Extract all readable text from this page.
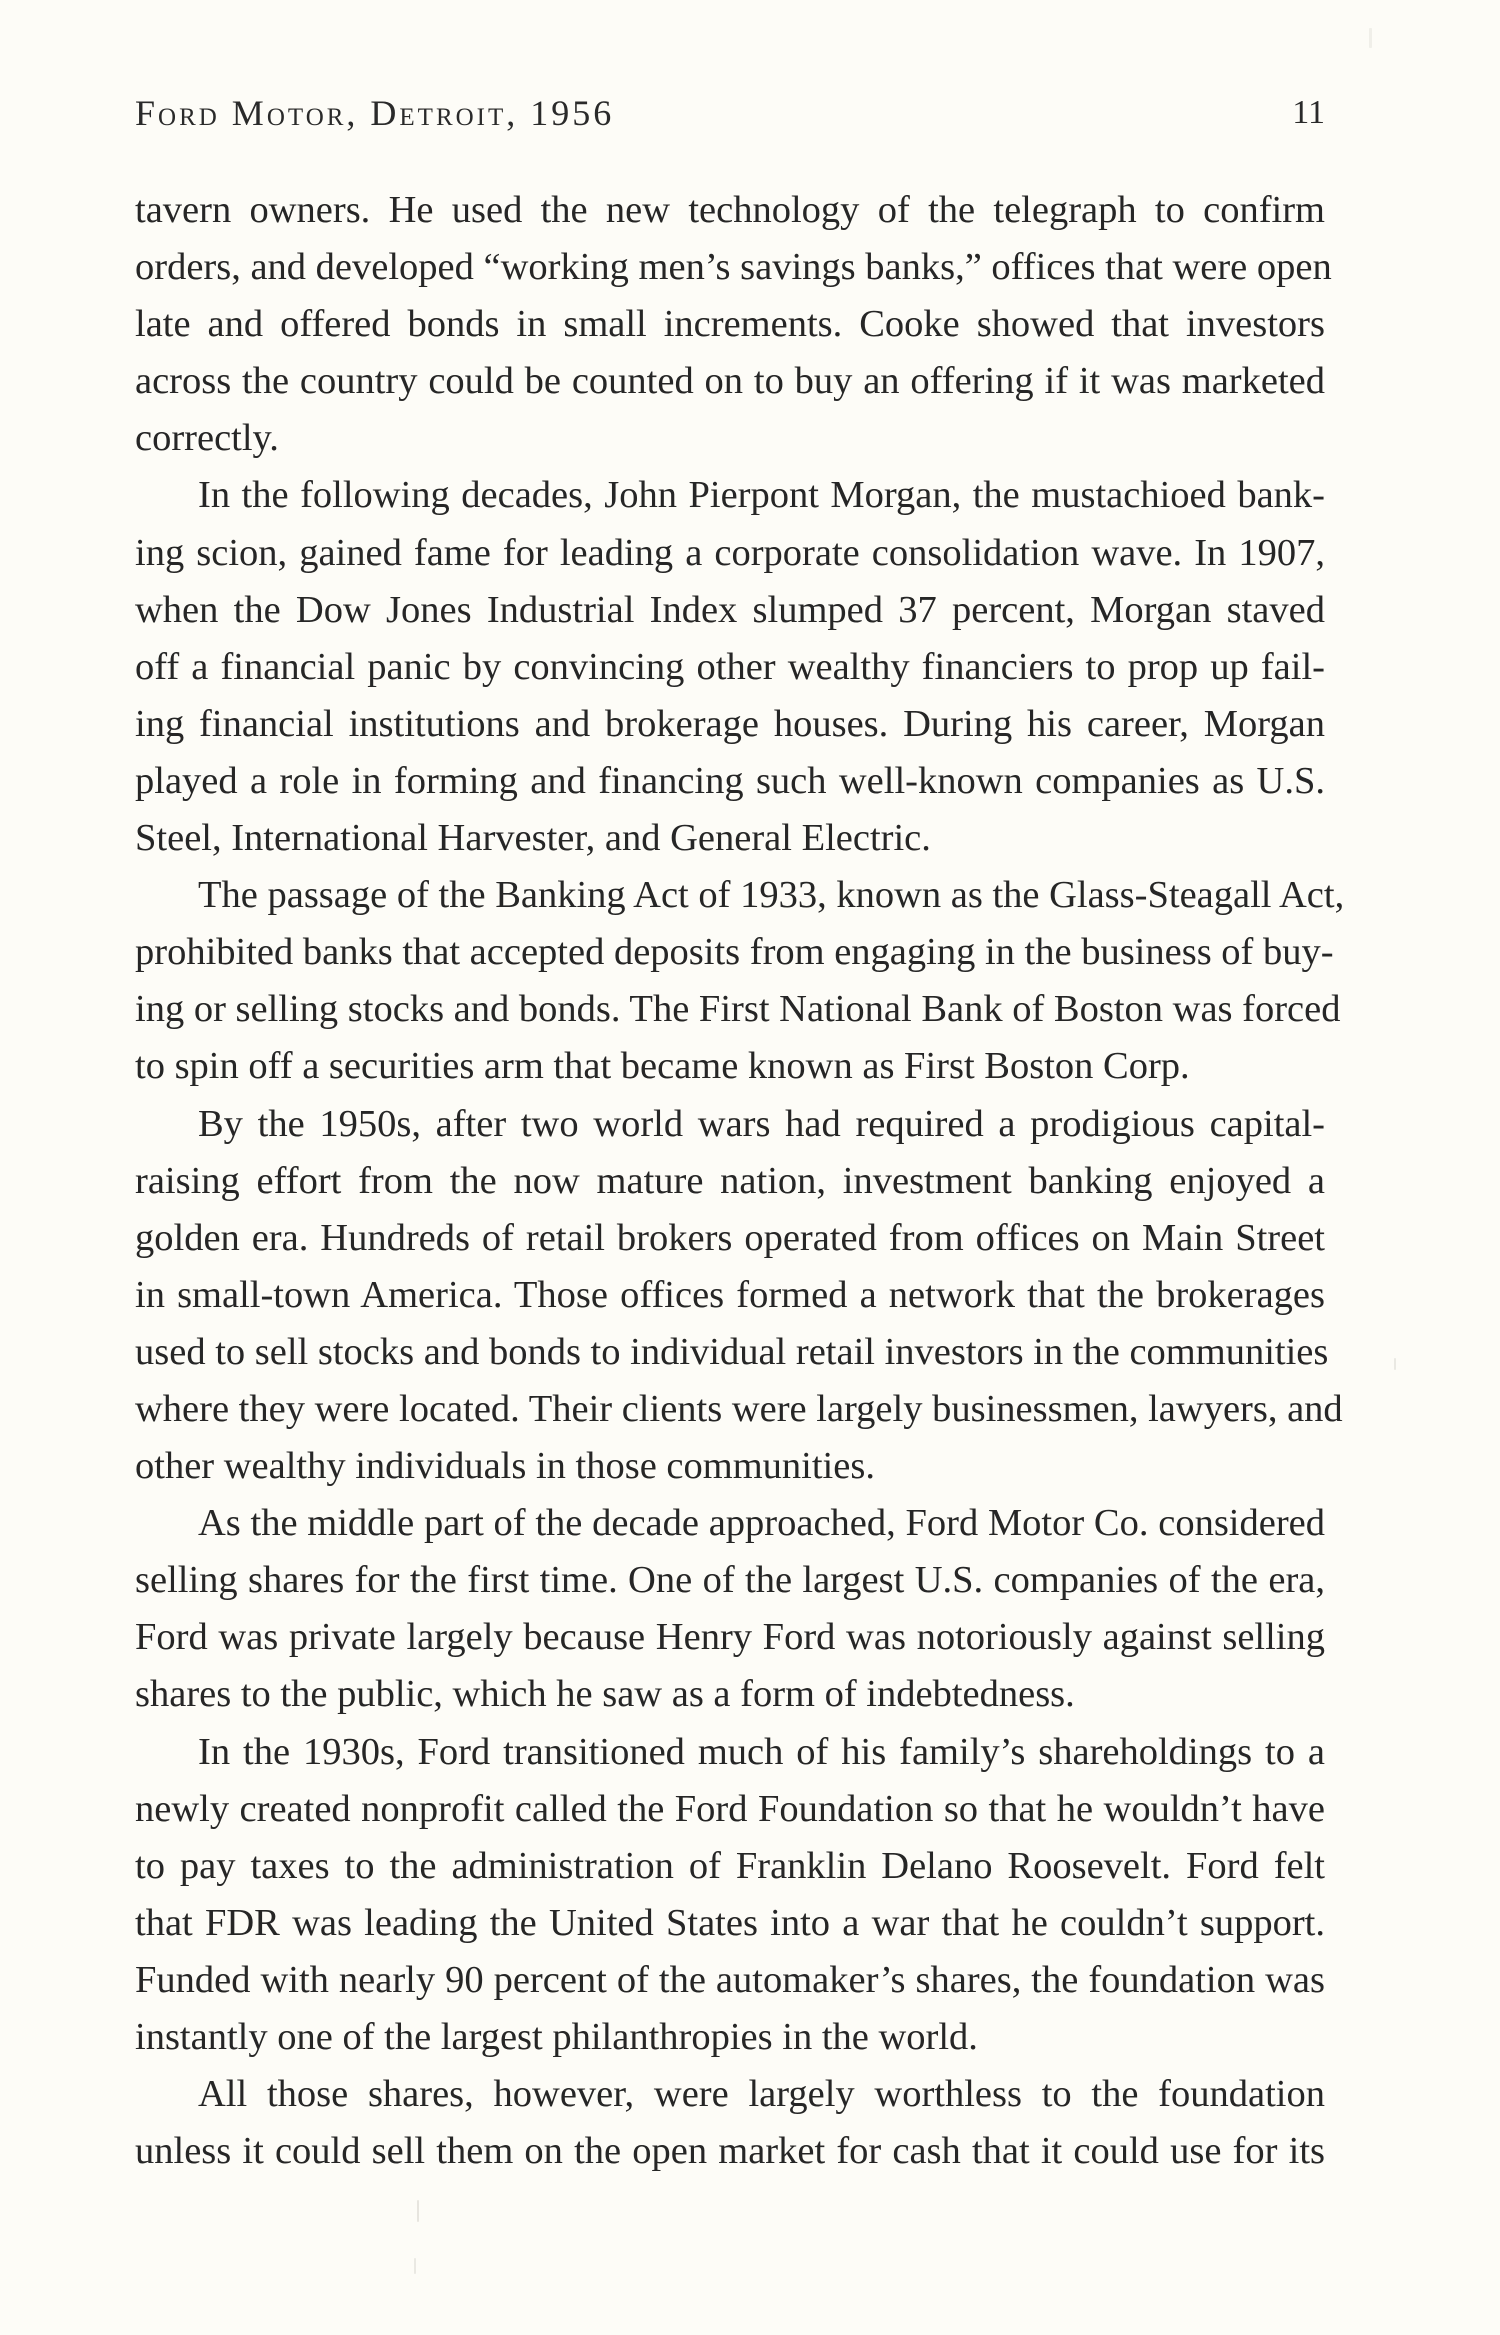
Ford Motor, Detroit, 1956	11
tavern owners. He used the new technology of the telegraph to confirm
orders, and developed “working men’s savings banks,” offices that were open
late and offered bonds in small increments. Cooke showed that investors
across the country could be counted on to buy an offering if it was marketed
correctly.
In the following decades, John Pierpont Morgan, the mustachioed bank-
ing scion, gained fame for leading a corporate consolidation wave. In 1907,
when the Dow Jones Industrial Index slumped 37 percent, Morgan staved
off a financial panic by convincing other wealthy financiers to prop up fail-
ing financial institutions and brokerage houses. During his career, Morgan
played a role in forming and financing such well-known companies as U.S.
Steel, International Harvester, and General Electric.
The passage of the Banking Act of 1933, known as the Glass-Steagall Act,
prohibited banks that accepted deposits from engaging in the business of buy-
ing or selling stocks and bonds. The First National Bank of Boston was forced
to spin off a securities arm that became known as First Boston Corp.
By the 1950s, after two world wars had required a prodigious capital-
raising effort from the now mature nation, investment banking enjoyed a
golden era. Hundreds of retail brokers operated from offices on Main Street
in small-town America. Those offices formed a network that the brokerages
used to sell stocks and bonds to individual retail investors in the communities
where they were located. Their clients were largely businessmen, lawyers, and
other wealthy individuals in those communities.
As the middle part of the decade approached, Ford Motor Co. considered
selling shares for the first time. One of the largest U.S. companies of the era,
Ford was private largely because Henry Ford was notoriously against selling
shares to the public, which he saw as a form of indebtedness.
In the 1930s, Ford transitioned much of his family’s shareholdings to a
newly created nonprofit called the Ford Foundation so that he wouldn’t have
to pay taxes to the administration of Franklin Delano Roosevelt. Ford felt
that FDR was leading the United States into a war that he couldn’t support.
Funded with nearly 90 percent of the automaker’s shares, the foundation was
instantly one of the largest philanthropies in the world.
All those shares, however, were largely worthless to the foundation
unless it could sell them on the open market for cash that it could use for its
